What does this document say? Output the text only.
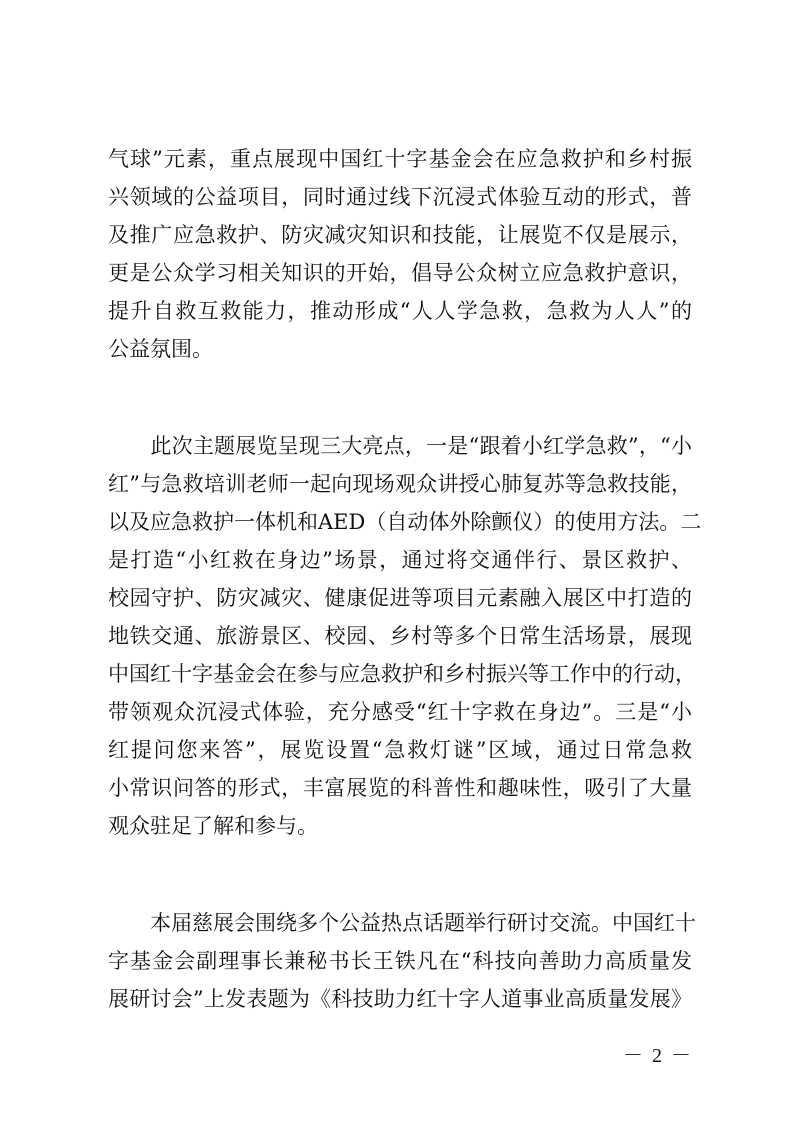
气球”元素，重点展现中国红十字基金会在应急救护和乡村振
兴领域的公益项目，同时通过线下沉浸式体验互动的形式，普
及推广应急救护、防灾减灾知识和技能，让展览不仅是展示，
更是公众学习相关知识的开始，倡导公众树立应急救护意识，
提升自救互救能力，推动形成“人人学急救，急救为人人”的
公益氛围。
　　此次主题展览呈现三大亮点，一是“跟着小红学急救”，“小
红”与急救培训老师一起向现场观众讲授心肺复苏等急救技能，
以及应急救护一体机和AED（自动体外除颤仪）的使用方法。二
是打造“小红救在身边”场景，通过将交通伴行、景区救护、
校园守护、防灾减灾、健康促进等项目元素融入展区中打造的
地铁交通、旅游景区、校园、乡村等多个日常生活场景，展现
中国红十字基金会在参与应急救护和乡村振兴等工作中的行动，
带领观众沉浸式体验，充分感受“红十字救在身边”。三是“小
红提问您来答”，展览设置“急救灯谜”区域，通过日常急救
小常识问答的形式，丰富展览的科普性和趣味性，吸引了大量
观众驻足了解和参与。
　　本届慈展会围绕多个公益热点话题举行研讨交流。中国红十
字基金会副理事长兼秘书长王铁凡在“科技向善助力高质量发
展研讨会”上发表题为《科技助力红十字人道事业高质量发展》
－ 2 －
